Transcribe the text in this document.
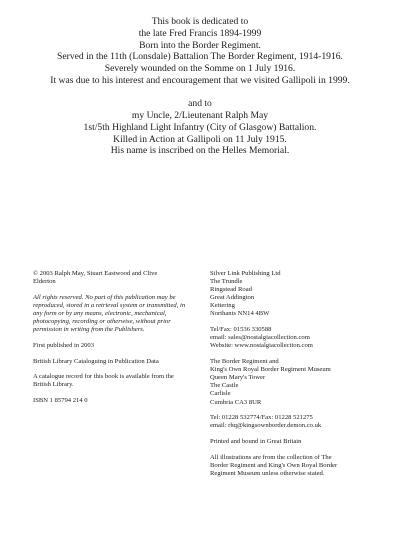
This book is dedicated to
the late Fred Francis 1894-1999
Born into the Border Regiment.
Served in the 11th (Lonsdale) Battalion The Border Regiment, 1914-1916.
Severely wounded on the Somme on 1 July 1916.
It was due to his interest and encouragement that we visited Gallipoli in 1999.
and to
my Uncle, 2/Lieutenant Ralph May
1st/5th Highland Light Infantry (City of Glasgow) Battalion.
Killed in Action at Gallipoli on 11 July 1915.
His name is inscribed on the Helles Memorial.
© 2003 Ralph May, Stuart Eastwood and Clive
Elderton
All rights reserved. No part of this publication may be
reproduced, stored in a retrieval system or transmitted, in
any form or by any means, electronic, mechanical,
photocopying, recording or otherwise, without prior
permission in writing from the Publishers.
First published in 2003
British Library Cataloguing in Publication Data
A catalogue record for this book is available from the
British Library.
ISBN 1 85794 214 0
Silver Link Publishing Ltd
The Trundle
Ringstead Road
Great Addington
Kettering
Northants NN14 4BW
Tel/Fax: 01536 330588
email: sales@nostalgiacollection.com
Website: www.nostalgiacollection.com
The Border Regiment and
King's Own Royal Border Regiment Museum
Queen Mary's Tower
The Castle
Carlisle
Cumbria CA3 8UR
Tel: 01228 532774/Fax: 01228 521275
email: rhq@kingsownborder.demon.co.uk
Printed and bound in Great Britain
All illustrations are from the collection of The
Border Regiment and King's Own Royal Border
Regiment Museum unless otherwise stated.
